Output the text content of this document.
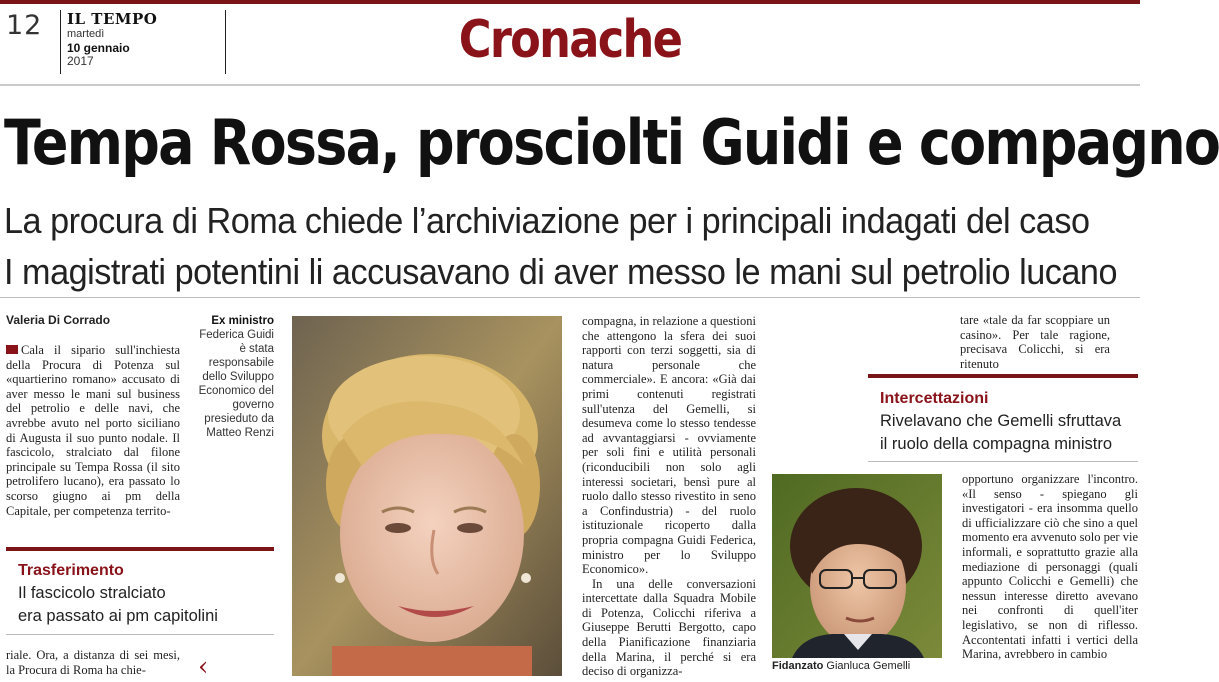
12 IL TEMPO
martedì
10 gennaio
2017	Cronache
Tempa Rossa, prosciolti Guidi e compagno
La procura di Roma chiede l’archiviazione per i principali indagati del caso
I magistrati potentini li accusavano di aver messo le mani sul petrolio lucano
Valeria Di Corrado
Cala il sipario sull'inchiesta della Procura di Potenza sul «quartierino romano» accusato di aver messo le mani sul business del petrolio e delle navi, che avrebbe avuto nel porto siciliano di Augusta il suo punto nodale. Il fascicolo, stralciato dal filone principale su Tempa Rossa (il sito petrolifero lucano), era passato lo scorso giugno ai pm della Capitale, per competenza territo-
Trasferimento
Il fascicolo stralciato
era passato ai pm capitolini
riale. Ora, a distanza di sei mesi, la Procura di Roma ha chie-	‹
Ex ministro
Federica Guidi è stata responsabile dello Sviluppo Economico del governo presieduto da Matteo Renzi

compagna, in relazione a questioni che attengono la sfera dei suoi rapporti con terzi soggetti, sia di natura personale che commerciale». E ancora: «Già dai primi contenuti registrati sull'utenza del Gemelli, si desumeva come lo stesso tendesse ad avvantaggiarsi - ovviamente per soli fini e utilità personali (riconducibili non solo agli interessi societari, bensì pure al ruolo dallo stesso rivestito in seno a Confindustria) - del ruolo istituzionale ricoperto dalla propria compagna Guidi Federica, ministro per lo Sviluppo Economico».

In una delle conversazioni intercettate dalla Squadra Mobile di Potenza, Colicchi riferiva a Giuseppe Berutti Bergotto, capo della Pianificazione finanziaria della Marina, il perché si era deciso di organizza-

tare «tale da far scoppiare un casino». Per tale ragione, precisava Colicchi, si era ritenuto
Intercettazioni
Rivelavano che Gemelli sfruttava
il ruolo della compagna ministro
Fidanzato Gianluca Gemelli
opportuno organizzare l'incontro. «Il senso - spiegano gli investigatori - era insomma quello di ufficializzare ciò che sino a quel momento era avvenuto solo per vie informali, e soprattutto grazie alla mediazione di personaggi (quali appunto Colicchi e Gemelli) che nessun interesse diretto avevano nei confronti di quell'iter legislativo, se non di riflesso. Accontentati infatti i vertici della Marina, avrebbero in cambio
